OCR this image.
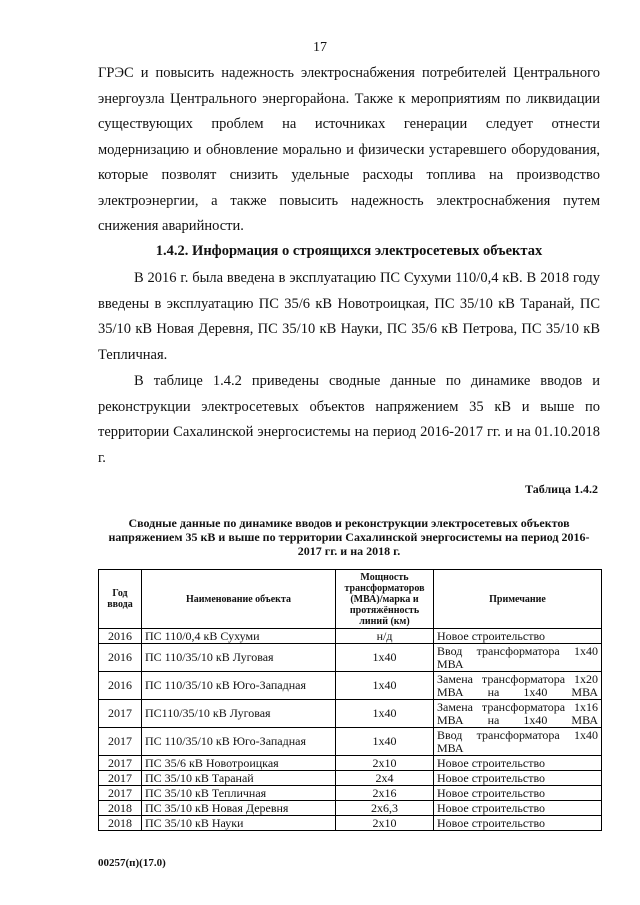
17

ГРЭС и повысить надежность электроснабжения потребителей Центрального энергоузла Центрального энергорайона. Также к мероприятиям по ликвидации существующих проблем на источниках генерации следует отнести модернизацию и обновление морально и физически устаревшего оборудования, которые позволят снизить удельные расходы топлива на производство электроэнергии, а также повысить надежность электроснабжения путем снижения аварийности.

1.4.2. Информация о строящихся электросетевых объектах

В 2016 г. была введена в эксплуатацию ПС Сухуми 110/0,4 кВ. В 2018 году введены в эксплуатацию ПС 35/6 кВ Новотроицкая, ПС 35/10 кВ Таранай, ПС 35/10 кВ Новая Деревня, ПС 35/10 кВ Науки, ПС 35/6 кВ Петрова, ПС 35/10 кВ Тепличная.

В таблице 1.4.2 приведены сводные данные по динамике вводов и реконструкции электросетевых объектов напряжением 35 кВ и выше по территории Сахалинской энергосистемы на период 2016-2017 гг. и на 01.10.2018 г.

Таблица 1.4.2

Сводные данные по динамике вводов и реконструкции электросетевых объектов напряжением 35 кВ и выше по территории Сахалинской энергосистемы на период 2016-2017 гг. и на 2018 г.

Год ввода	Наименование объекта	Мощность трансформаторов (МВА)/марка и протяжённость линий (км)	Примечание
2016	ПС 110/0,4 кВ Сухуми	н/д	Новое строительство
2016	ПС 110/35/10 кВ Луговая	1х40	Ввод трансформатора 1х40 МВА
2016	ПС 110/35/10 кВ Юго-Западная	1х40	Замена трансформатора 1х20 МВА на 1х40 МВА
2017	ПС110/35/10 кВ Луговая	1х40	Замена трансформатора 1х16 МВА на 1х40 МВА
2017	ПС 110/35/10 кВ Юго-Западная	1х40	Ввод трансформатора 1х40 МВА
2017	ПС 35/6 кВ Новотроицкая	2х10	Новое строительство
2017	ПС 35/10 кВ Таранай	2х4	Новое строительство
2017	ПС 35/10 кВ Тепличная	2х16	Новое строительство
2018	ПС 35/10 кВ Новая Деревня	2х6,3	Новое строительство
2018	ПС 35/10 кВ Науки	2х10	Новое строительство
00257(п)(17.0)
